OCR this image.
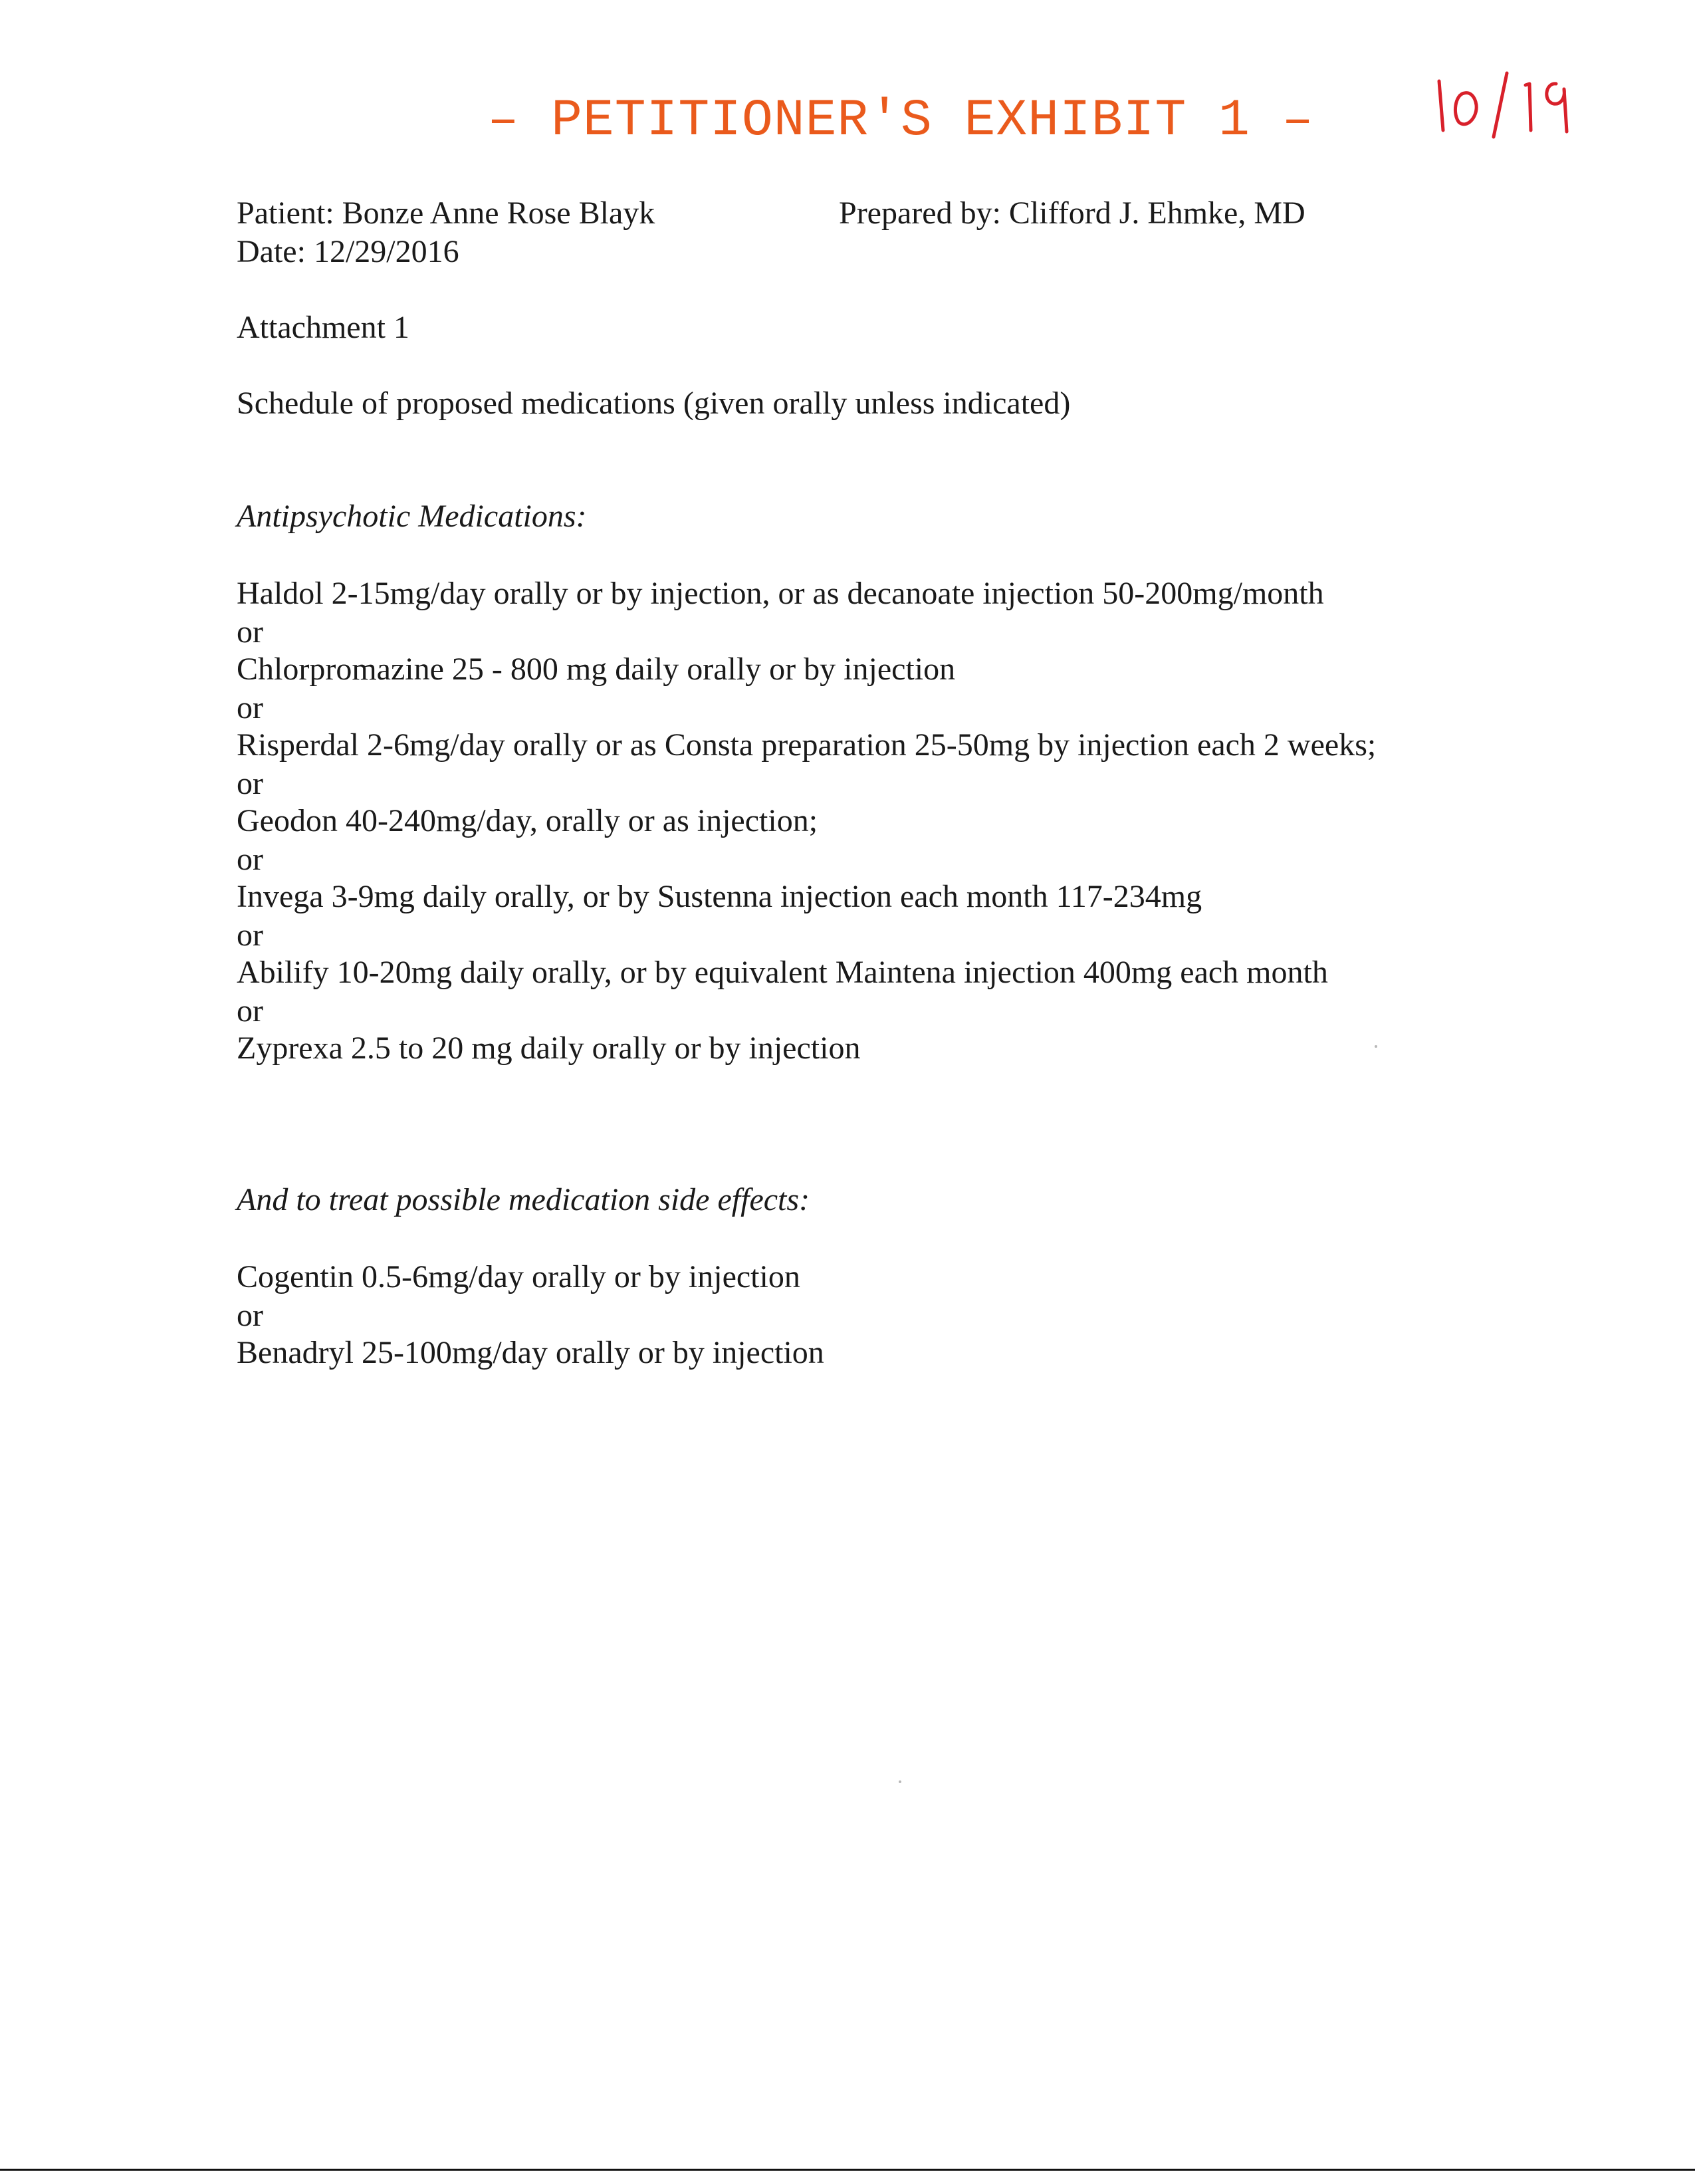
– PETITIONER'S EXHIBIT 1 –
Patient: Bonze Anne Rose Blayk	Prepared by: Clifford J. Ehmke, MD
Date: 12/29/2016
Attachment 1
Schedule of proposed medications (given orally unless indicated)
Antipsychotic Medications:
Haldol 2-15mg/day orally or by injection, or as decanoate injection 50-200mg/month
or
Chlorpromazine 25 - 800 mg daily orally or by injection
or
Risperdal 2-6mg/day orally or as Consta preparation 25-50mg by injection each 2 weeks;
or
Geodon 40-240mg/day, orally or as injection;
or
Invega 3-9mg daily orally, or by Sustenna injection each month 117-234mg
or
Abilify 10-20mg daily orally, or by equivalent Maintena injection 400mg each month
or
Zyprexa 2.5 to 20 mg daily orally or by injection
And to treat possible medication side effects:
Cogentin 0.5-6mg/day orally or by injection
or
Benadryl 25-100mg/day orally or by injection
